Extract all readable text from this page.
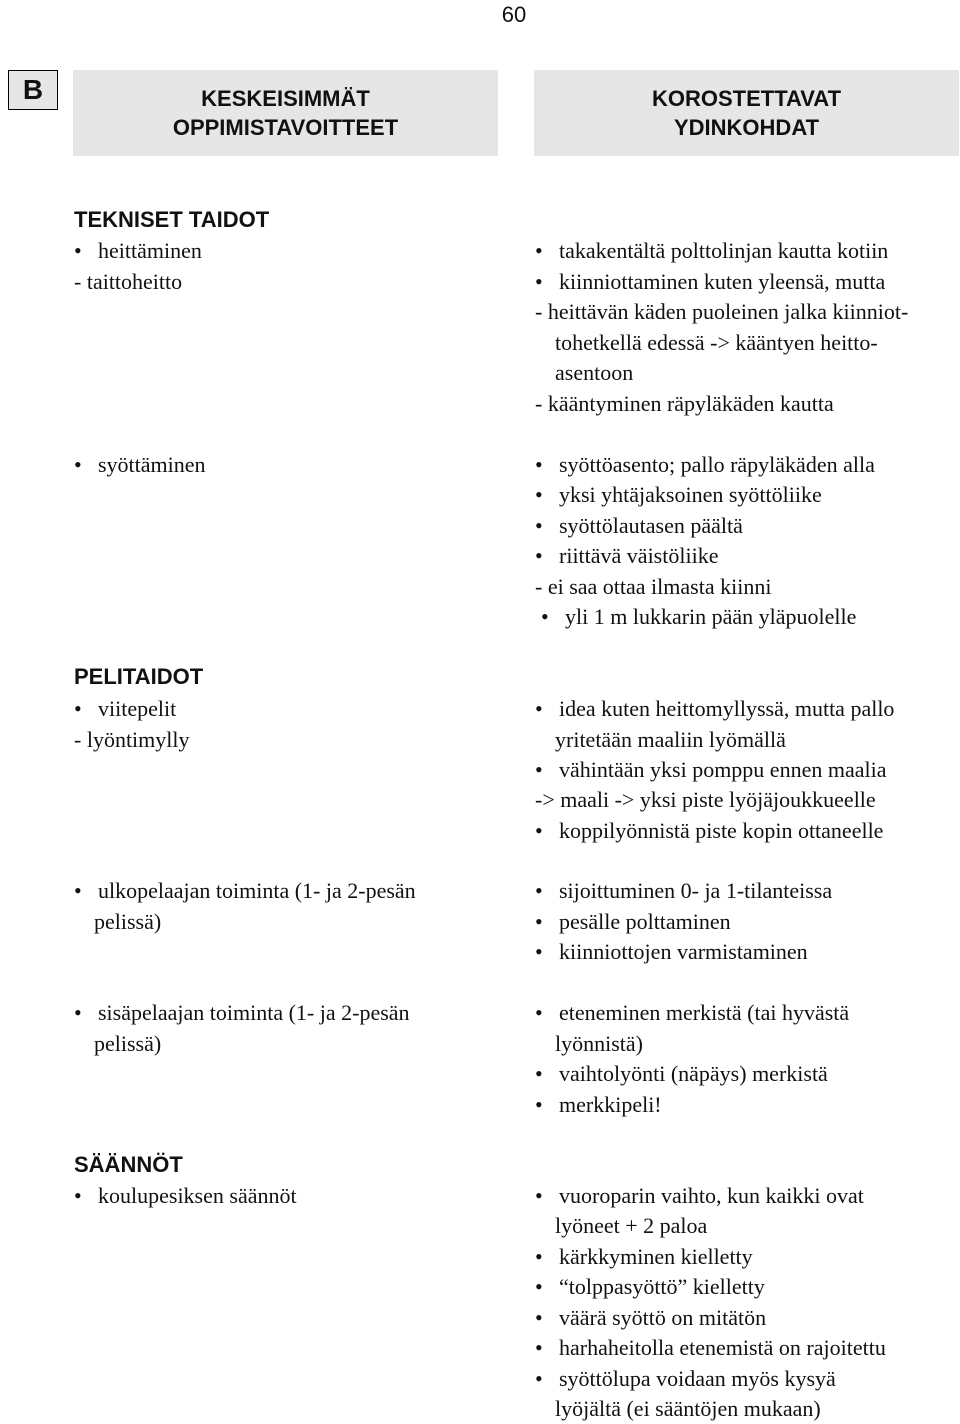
60
B	KESKEISIMMÄT
OPPIMISTAVOITTEET
KOROSTETTAVAT
YDINKOHDAT
TEKNISET TAIDOT
• heittäminen
- taittoheitto
• syöttäminen
PELITAIDOT
• viitepelit
- lyöntimylly
• ulkopelaajan toiminta (1- ja 2-pesän
pelissä)
• sisäpelaajan toiminta (1- ja 2-pesän
pelissä)
SÄÄNNÖT
• koulupesiksen säännöt
• takakentältä polttolinjan kautta kotiin
• kiinniottaminen kuten yleensä, mutta
- heittävän käden puoleinen jalka kiinniot-
tohetkellä edessä -> kääntyen heitto-
asentoon
- kääntyminen räpyläkäden kautta
• syöttöasento; pallo räpyläkäden alla
• yksi yhtäjaksoinen syöttöliike
• syöttölautasen päältä
• riittävä väistöliike
- ei saa ottaa ilmasta kiinni
• yli 1 m lukkarin pään yläpuolelle
• idea kuten heittomyllyssä, mutta pallo
yritetään maaliin lyömällä
• vähintään yksi pomppu ennen maalia
-> maali -> yksi piste lyöjäjoukkueelle
• koppilyönnistä piste kopin ottaneelle
• sijoittuminen 0- ja 1-tilanteissa
• pesälle polttaminen
• kiinniottojen varmistaminen
• eteneminen merkistä (tai hyvästä
lyönnistä)
• vaihtolyönti (näpäys) merkistä
• merkkipeli!
• vuoroparin vaihto, kun kaikki ovat
lyöneet + 2 paloa
• kärkkyminen kielletty
• “tolppasyöttö” kielletty
• väärä syöttö on mitätön
• harhaheitolla etenemistä on rajoitettu
• syöttölupa voidaan myös kysyä
lyöjältä (ei sääntöjen mukaan)
